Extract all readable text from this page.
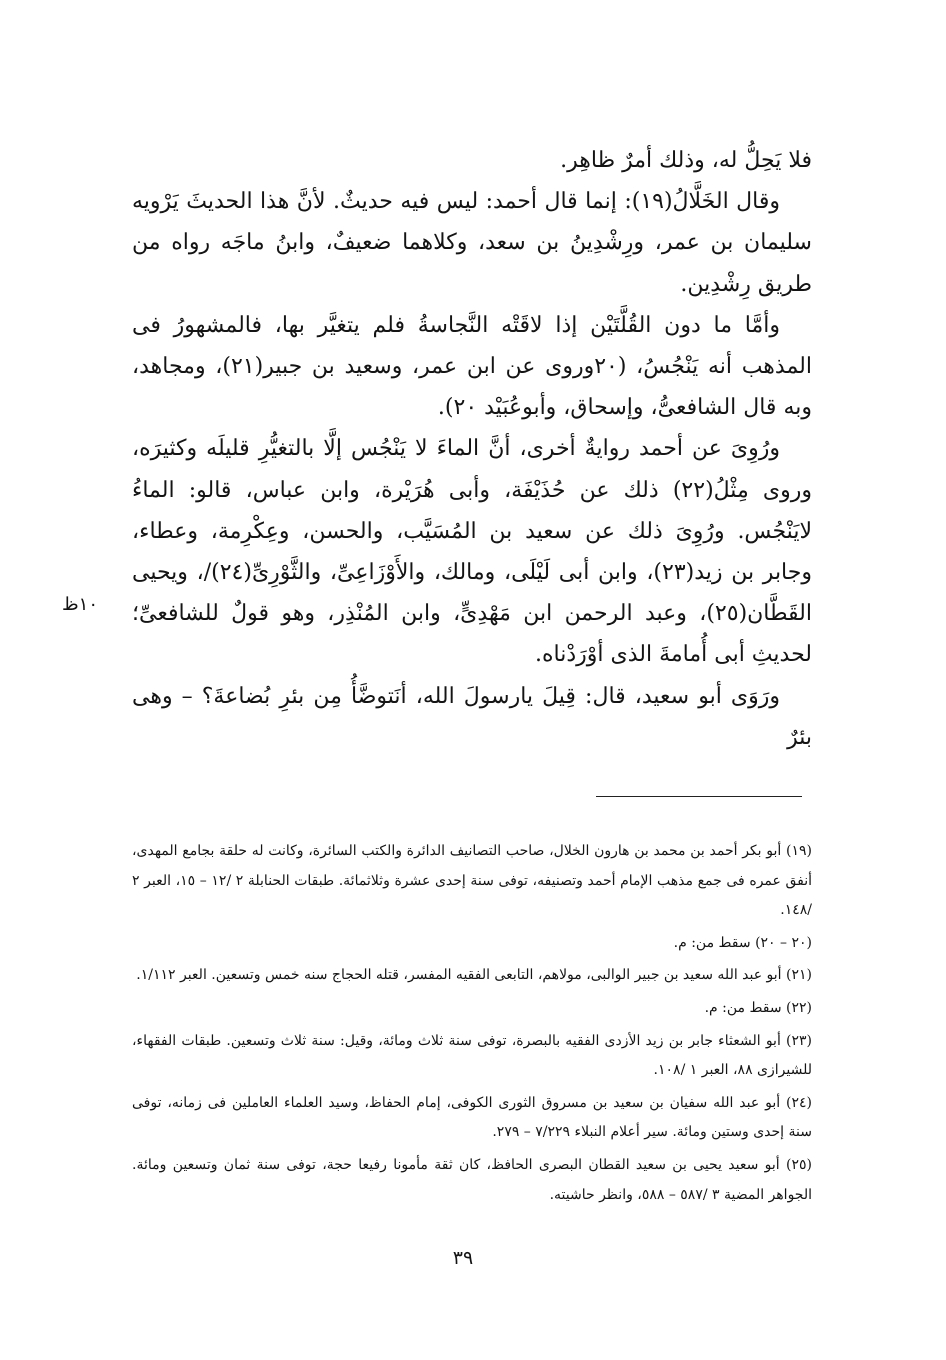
فلا يَحِلُّ له، وذلك أمرٌ ظاهِر.

وقال الخَلَّالُ(١٩): إنما قال أحمد: ليس فيه حديثٌ. لأنَّ هذا الحديثَ يَرْويه سليمان بن عمر، ورِشْدِينُ بن سعد، وكلاهما ضعيفٌ، وابنُ ماجَه رواه من طريق رِشْدِين.

وأمَّا ما دون القُلَّتَيْن إذا لاقَتْه النَّجاسةُ فلم يتغيَّر بها، فالمشهورُ فى المذهب أنه يَنْجُسُ، (٢٠وروى عن ابن عمر، وسعيد بن جبير(٢١)، ومجاهد، وبه قال الشافعىُّ، وإسحاق، وأبوعُبَيْد ٢٠).

ورُوِىَ عن أحمد روايةٌ أخرى، أنَّ الماءَ لا يَنْجُس إلَّا بالتغيُّرِ قليلَه وكثيرَه، وروى مِثْلُ(٢٢) ذلك عن حُذَيْفَة، وأبى هُرَيْرة، وابن عباس، قالو: الماءُ لايَنْجُس. ورُوِىَ ذلك عن سعيد بن المُسَيَّب، والحسن، وعِكْرِمة، وعطاء، وجابر بن زيد(٢٣)، وابن أبى لَيْلَى، ومالك، والأَوْزَاعِىِّ، والثَّوْرِىِّ(٢٤)/، ويحيى القَطَّان(٢٥)، وعبد الرحمن ابن مَهْدِىٍّ، وابن المُنْذِر، وهو قولٌ للشافعىِّ؛ لحديثِ أبى أُمامةَ الذى أوْرَدْناه.

ورَوَى أبو سعيد، قال: قِيلَ يارسولَ الله، أنَتوضَّأُ مِن بئرِ بُضاعةَ؟ – وهى بئرٌ

١٠ظ

(١٩) أبو بكر أحمد بن محمد بن هارون الخلال، صاحب التصانيف الدائرة والكتب السائرة، وكانت له حلقة بجامع المهدى، أنفق عمره فى جمع مذهب الإمام أحمد وتصنيفه، توفى سنة إحدى عشرة وثلاثمائة. طبقات الحنابلة ٢ /١٢ – ١٥، العبر ٢ /١٤٨.

(٢٠ – ٢٠) سقط من: م.

(٢١) أبو عبد الله سعيد بن جبير الوالبى، مولاهم، التابعى الفقيه المفسر، قتله الحجاج سنه خمس وتسعين. العبر ١/١١٢.

(٢٢) سقط من: م.

(٢٣) أبو الشعثاء جابر بن زيد الأزدى الفقيه بالبصرة، توفى سنة ثلاث ومائة، وقيل: سنة ثلاث وتسعين. طبقات الفقهاء، للشيرازى ٨٨، العبر ١ /١٠٨.

(٢٤) أبو عبد الله سفيان بن سعيد بن مسروق الثورى الكوفى، إمام الحفاظ، وسيد العلماء العاملين فى زمانه، توفى سنة إحدى وستين ومائة. سير أعلام النبلاء ٧/٢٢٩ – ٢٧٩.

(٢٥) أبو سعيد يحيى بن سعيد القطان البصرى الحافظ، كان ثقة مأمونا رفيعا حجة، توفى سنة ثمان وتسعين ومائة. الجواهر المضية ٣ /٥٨٧ – ٥٨٨، وانظر حاشيته.

٣٩
